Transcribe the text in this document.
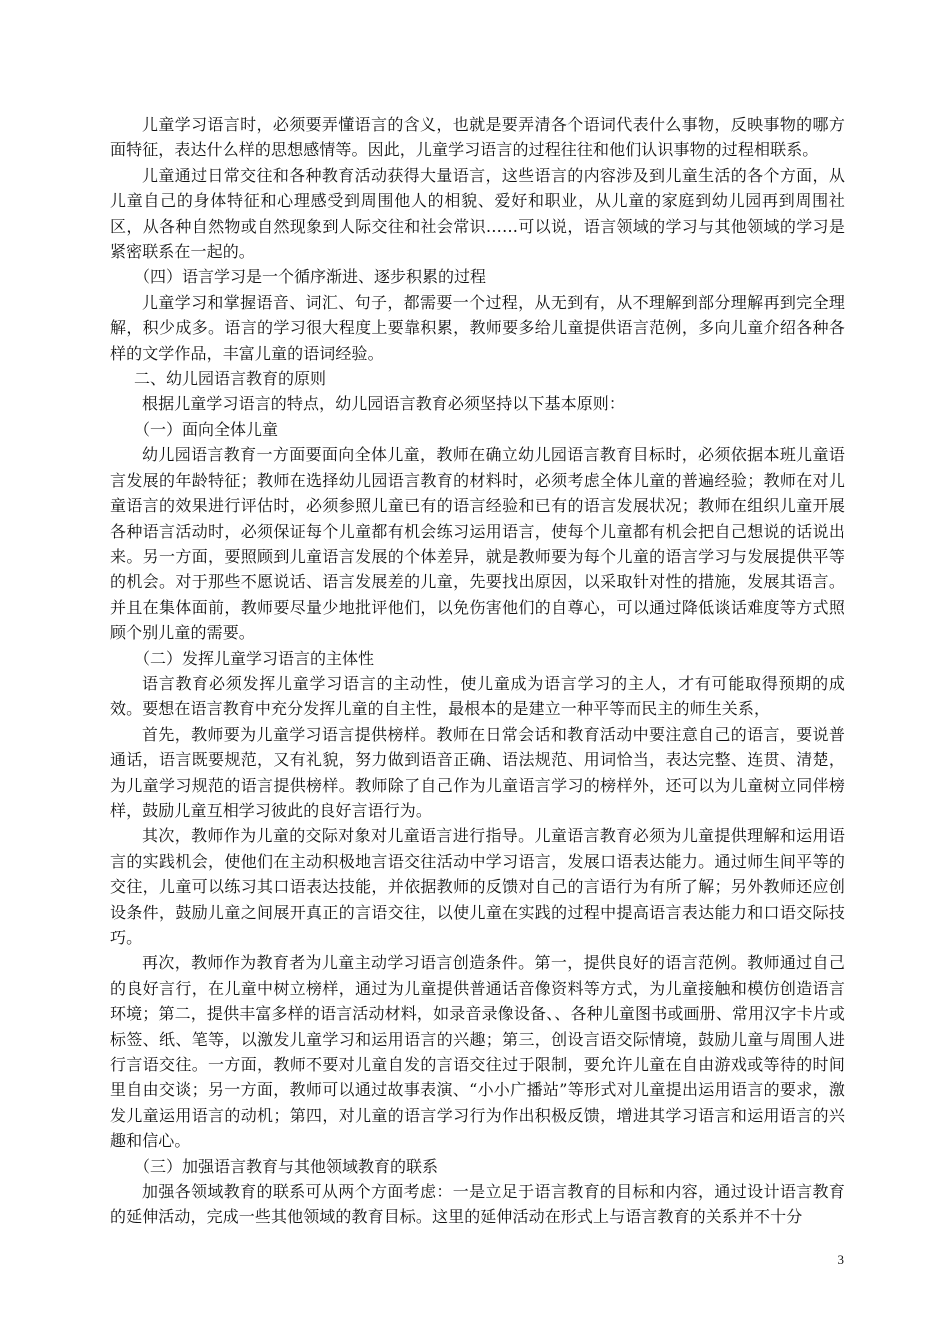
儿童学习语言时，必须要弄懂语言的含义，也就是要弄清各个语词代表什么事物，反映事物的哪方面特征，表达什么样的思想感情等。因此，儿童学习语言的过程往往和他们认识事物的过程相联系。

儿童通过日常交往和各种教育活动获得大量语言，这些语言的内容涉及到儿童生活的各个方面，从儿童自己的身体特征和心理感受到周围他人的相貌、爱好和职业，从儿童的家庭到幼儿园再到周围社区，从各种自然物或自然现象到人际交往和社会常识……可以说，语言领域的学习与其他领域的学习是紧密联系在一起的。

（四）语言学习是一个循序渐进、逐步积累的过程

儿童学习和掌握语音、词汇、句子，都需要一个过程，从无到有，从不理解到部分理解再到完全理解，积少成多。语言的学习很大程度上要靠积累，教师要多给儿童提供语言范例，多向儿童介绍各种各样的文学作品，丰富儿童的语词经验。

二、幼儿园语言教育的原则

根据儿童学习语言的特点，幼儿园语言教育必须坚持以下基本原则：

（一）面向全体儿童

幼儿园语言教育一方面要面向全体儿童，教师在确立幼儿园语言教育目标时，必须依据本班儿童语言发展的年龄特征；教师在选择幼儿园语言教育的材料时，必须考虑全体儿童的普遍经验；教师在对儿童语言的效果进行评估时，必须参照儿童已有的语言经验和已有的语言发展状况；教师在组织儿童开展各种语言活动时，必须保证每个儿童都有机会练习运用语言，使每个儿童都有机会把自己想说的话说出来。另一方面，要照顾到儿童语言发展的个体差异，就是教师要为每个儿童的语言学习与发展提供平等的机会。对于那些不愿说话、语言发展差的儿童，先要找出原因，以采取针对性的措施，发展其语言。并且在集体面前，教师要尽量少地批评他们，以免伤害他们的自尊心，可以通过降低谈话难度等方式照顾个别儿童的需要。

（二）发挥儿童学习语言的主体性

语言教育必须发挥儿童学习语言的主动性，使儿童成为语言学习的主人，才有可能取得预期的成效。要想在语言教育中充分发挥儿童的自主性，最根本的是建立一种平等而民主的师生关系，

首先，教师要为儿童学习语言提供榜样。教师在日常会话和教育活动中要注意自己的语言，要说普通话，语言既要规范，又有礼貌，努力做到语音正确、语法规范、用词恰当，表达完整、连贯、清楚，为儿童学习规范的语言提供榜样。教师除了自己作为儿童语言学习的榜样外，还可以为儿童树立同伴榜样，鼓励儿童互相学习彼此的良好言语行为。

其次，教师作为儿童的交际对象对儿童语言进行指导。儿童语言教育必须为儿童提供理解和运用语言的实践机会，使他们在主动积极地言语交往活动中学习语言，发展口语表达能力。通过师生间平等的交往，儿童可以练习其口语表达技能，并依据教师的反馈对自己的言语行为有所了解；另外教师还应创设条件，鼓励儿童之间展开真正的言语交往，以使儿童在实践的过程中提高语言表达能力和口语交际技巧。

再次，教师作为教育者为儿童主动学习语言创造条件。第一，提供良好的语言范例。教师通过自己的良好言行，在儿童中树立榜样，通过为儿童提供普通话音像资料等方式，为儿童接触和模仿创造语言环境；第二，提供丰富多样的语言活动材料，如录音录像设备、、各种儿童图书或画册、常用汉字卡片或标签、纸、笔等，以激发儿童学习和运用语言的兴趣；第三，创设言语交际情境，鼓励儿童与周围人进行言语交往。一方面，教师不要对儿童自发的言语交往过于限制，要允许儿童在自由游戏或等待的时间里自由交谈；另一方面，教师可以通过故事表演、“小小广播站”等形式对儿童提出运用语言的要求，激发儿童运用语言的动机；第四，对儿童的语言学习行为作出积极反馈，增进其学习语言和运用语言的兴趣和信心。

（三）加强语言教育与其他领域教育的联系

加强各领域教育的联系可从两个方面考虑：一是立足于语言教育的目标和内容，通过设计语言教育的延伸活动，完成一些其他领域的教育目标。这里的延伸活动在形式上与语言教育的关系并不十分

3
